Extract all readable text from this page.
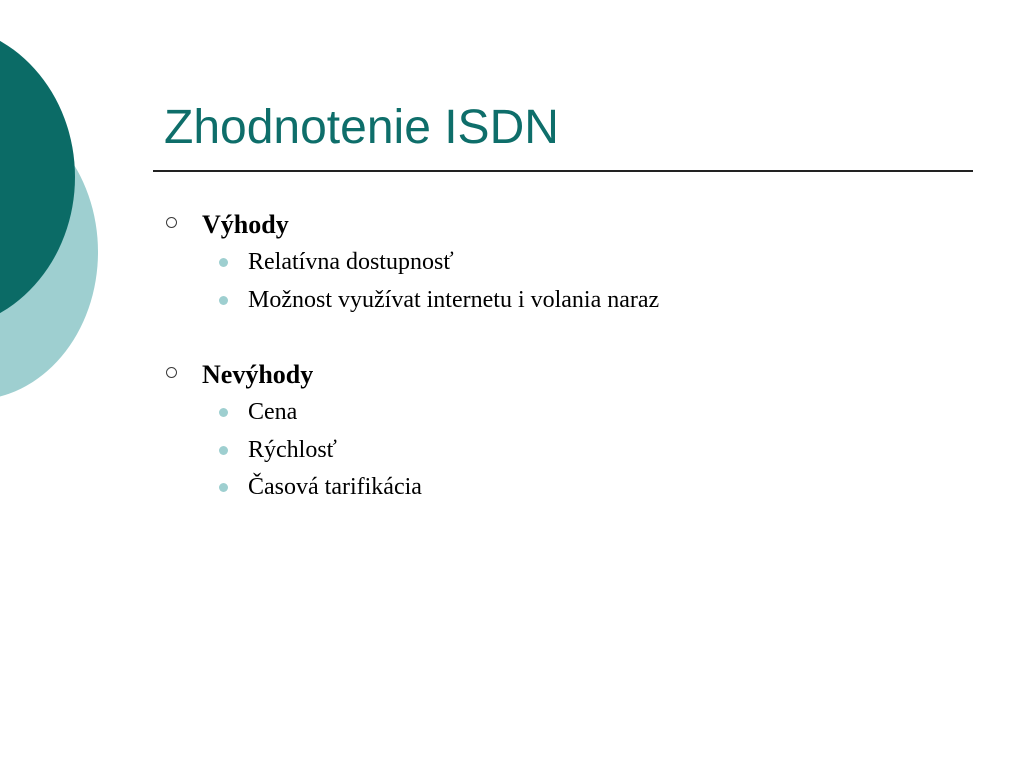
Zhodnotenie ISDN
Výhody
Relatívna dostupnosť
Možnost využívat internetu i volania naraz
Nevýhody
Cena
Rýchlosť
Časová tarifikácia
